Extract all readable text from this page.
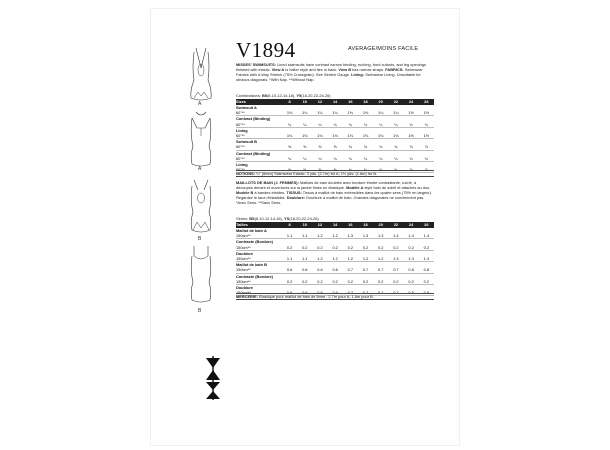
A
A
B
B
V1894	AVERAGE/MOINS FACILE
MISSES' SWIMSUITS: Lined swimsuits have contrast narrow binding, ruching, front cutouts, and leg openings finished with elastic. View A is halter style and ties in back. View B has narrow straps. FABRICS: Swimwear Fabrics with 4-Way Stretch (75% Crossgrain). See Stretch Gauge. Lining: Swimwear Lining. Unsuitable for obvious diagonals. *With Nap. **Without Nap.
Combinations: B5(8-10-12-14-16), Y5(18-20-22-24-26)
Sizes	8	10	12	14	16	18	20	22	24	26
Swimsuit A										
60"**	1⅛	1¼	1¼	1¼	1⅜	1⅜	1¼	1¼	1½	1½
Contrast (Binding)										
60"**	¼	¼	¼	¼	¼	¼	¼	¼	¼	¼
Lining										
60"**	1⅛	1⅛	1⅛	1⅛	1⅛	1⅛	1⅛	1⅛	1½	1½
Swimsuit B										
60"**	⅝	⅝	⅝	⅝	¾	¾	¾	¾	⅞	⅞
Contrast (Binding)										
60"**	¼	¼	¼	¼	¼	¼	¼	¼	¼	¼
Lining										
60"**	⅝	⅝	⅝	⅝	¾	¾	¾	¾	⅞	⅞
NOTIONS: ¼" (6mm) Swimwear Elastic: 3 yds. (2.7m) for A; 1⅔ yds. (1.6m) for B.
MAILLOTS DE BAIN (J. FEMMES): Maillots de bain doublés avec bordure étroite contrastante, ruché, à découpes devant et ouvertures sur la jambe finies en élastique. Modèle A style bain de soleil et attachés au dos. Modèle B à bandes étroites. TISSUS: Tissus à maillot de bain extensibles dans les quatre sens (75% en largeur). Regardez le taux d'élasticité. Doublure: Doublure à maillot de bain. Grandes diagonales ne conviennent pas. *Avec Sens. **Sans Sens.
Séries: BS(8-10-12-14-16), YS(18-20-22-24-26)
Tailles	8	10	12	14	16	18	20	22	24	26
Maillot de bain A										
150cm**	1.1	1.1	1.2	1.2	1.3	1.3	1.3	1.4	1.4	1.4
Contraste (Bordure)										
150cm**	0.2	0.2	0.2	0.2	0.2	0.2	0.2	0.2	0.2	0.2
Doublure										
150cm**	1.1	1.1	1.2	1.2	1.2	1.2	1.2	1.3	1.3	1.3
Maillot de bain B										
150cm**	0.6	0.6	0.6	0.6	0.7	0.7	0.7	0.7	0.8	0.8
Contraste (Bordure)										
150cm**	0.2	0.2	0.2	0.2	0.2	0.2	0.2	0.2	0.2	0.2
Doublure										
150cm**	0.6	0.6	0.6	0.6	0.7	0.7	0.7	0.7	0.8	0.8
MERCERIE: Elastique pour maillot de bain de 6mm : 2.7m pour A; 1.6m pour B.
